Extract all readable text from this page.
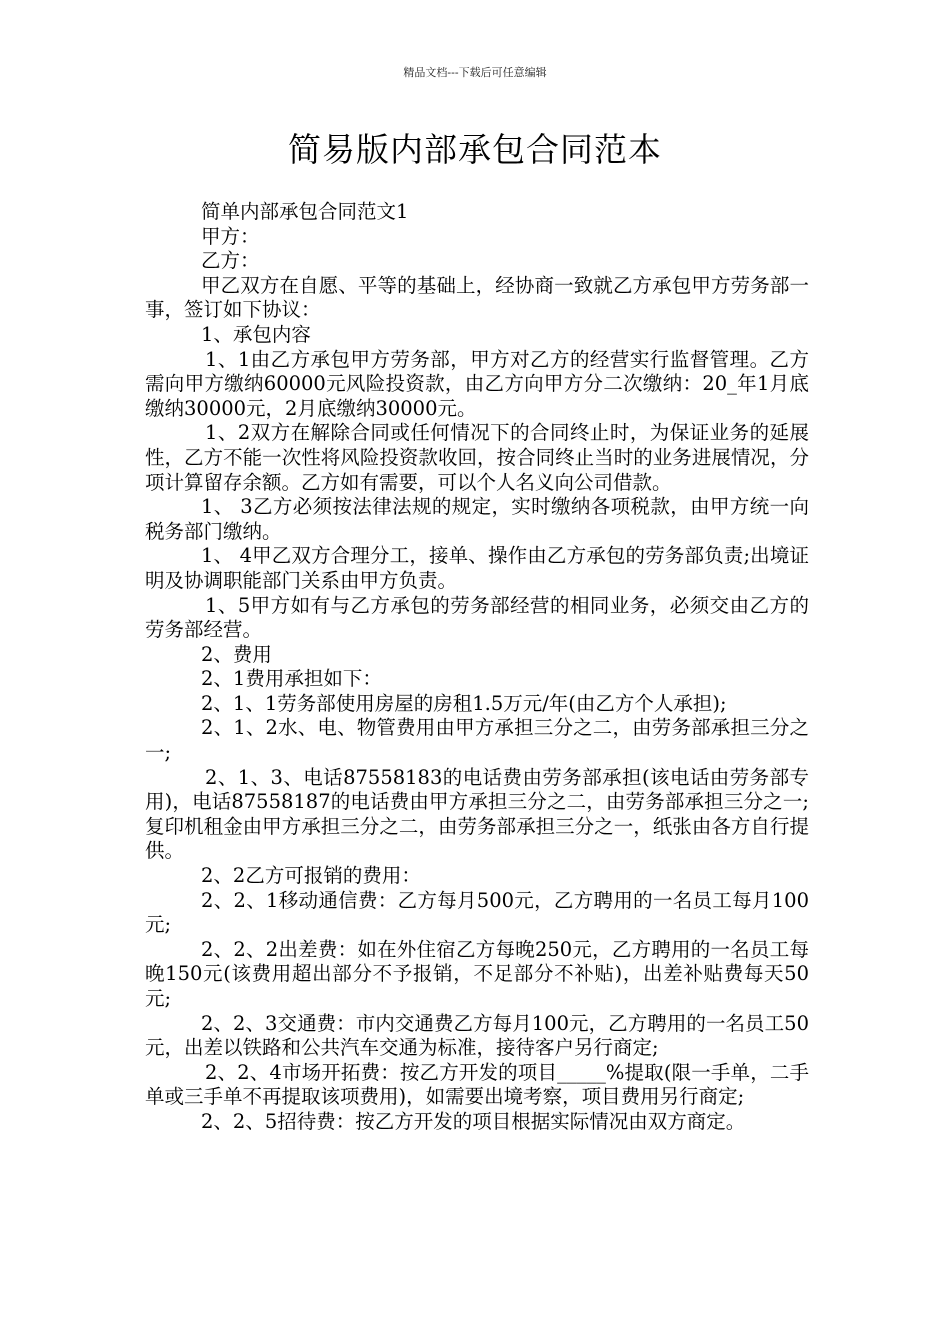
精品文档---下载后可任意编辑
简易版内部承包合同范本

简单内部承包合同范文1

甲方：

乙方：

甲乙双方在自愿、平等的基础上，经协商一致就乙方承包甲方劳务部一事，签订如下协议：

1、承包内容

1、1由乙方承包甲方劳务部，甲方对乙方的经营实行监督管理。乙方需向甲方缴纳60000元风险投资款，由乙方向甲方分二次缴纳：20_年1月底缴纳30000元，2月底缴纳30000元。

1、2双方在解除合同或任何情况下的合同终止时，为保证业务的延展性，乙方不能一次性将风险投资款收回，按合同终止当时的业务进展情况，分项计算留存余额。乙方如有需要，可以个人名义向公司借款。

1、 3乙方必须按法律法规的规定，实时缴纳各项税款，由甲方统一向税务部门缴纳。

1、 4甲乙双方合理分工，接单、操作由乙方承包的劳务部负责;出境证明及协调职能部门关系由甲方负责。

1、5甲方如有与乙方承包的劳务部经营的相同业务，必须交由乙方的劳务部经营。

2、费用

2、1费用承担如下：

2、1、1劳务部使用房屋的房租1.5万元/年(由乙方个人承担);

2、1、2水、电、物管费用由甲方承担三分之二，由劳务部承担三分之一;

2、1、3、电话87558183的电话费由劳务部承担(该电话由劳务部专用)，电话87558187的电话费由甲方承担三分之二，由劳务部承担三分之一;复印机租金由甲方承担三分之二，由劳务部承担三分之一，纸张由各方自行提供。

2、2乙方可报销的费用：

2、2、1移动通信费：乙方每月500元，乙方聘用的一名员工每月100元;

2、2、2出差费：如在外住宿乙方每晚250元，乙方聘用的一名员工每晚150元(该费用超出部分不予报销，不足部分不补贴)，出差补贴费每天50元;

2、2、3交通费：市内交通费乙方每月100元，乙方聘用的一名员工50元，出差以铁路和公共汽车交通为标准，接待客户另行商定;

2、2、4市场开拓费：按乙方开发的项目_____%提取(限一手单，二手单或三手单不再提取该项费用)，如需要出境考察，项目费用另行商定;

2、2、5招待费：按乙方开发的项目根据实际情况由双方商定。
